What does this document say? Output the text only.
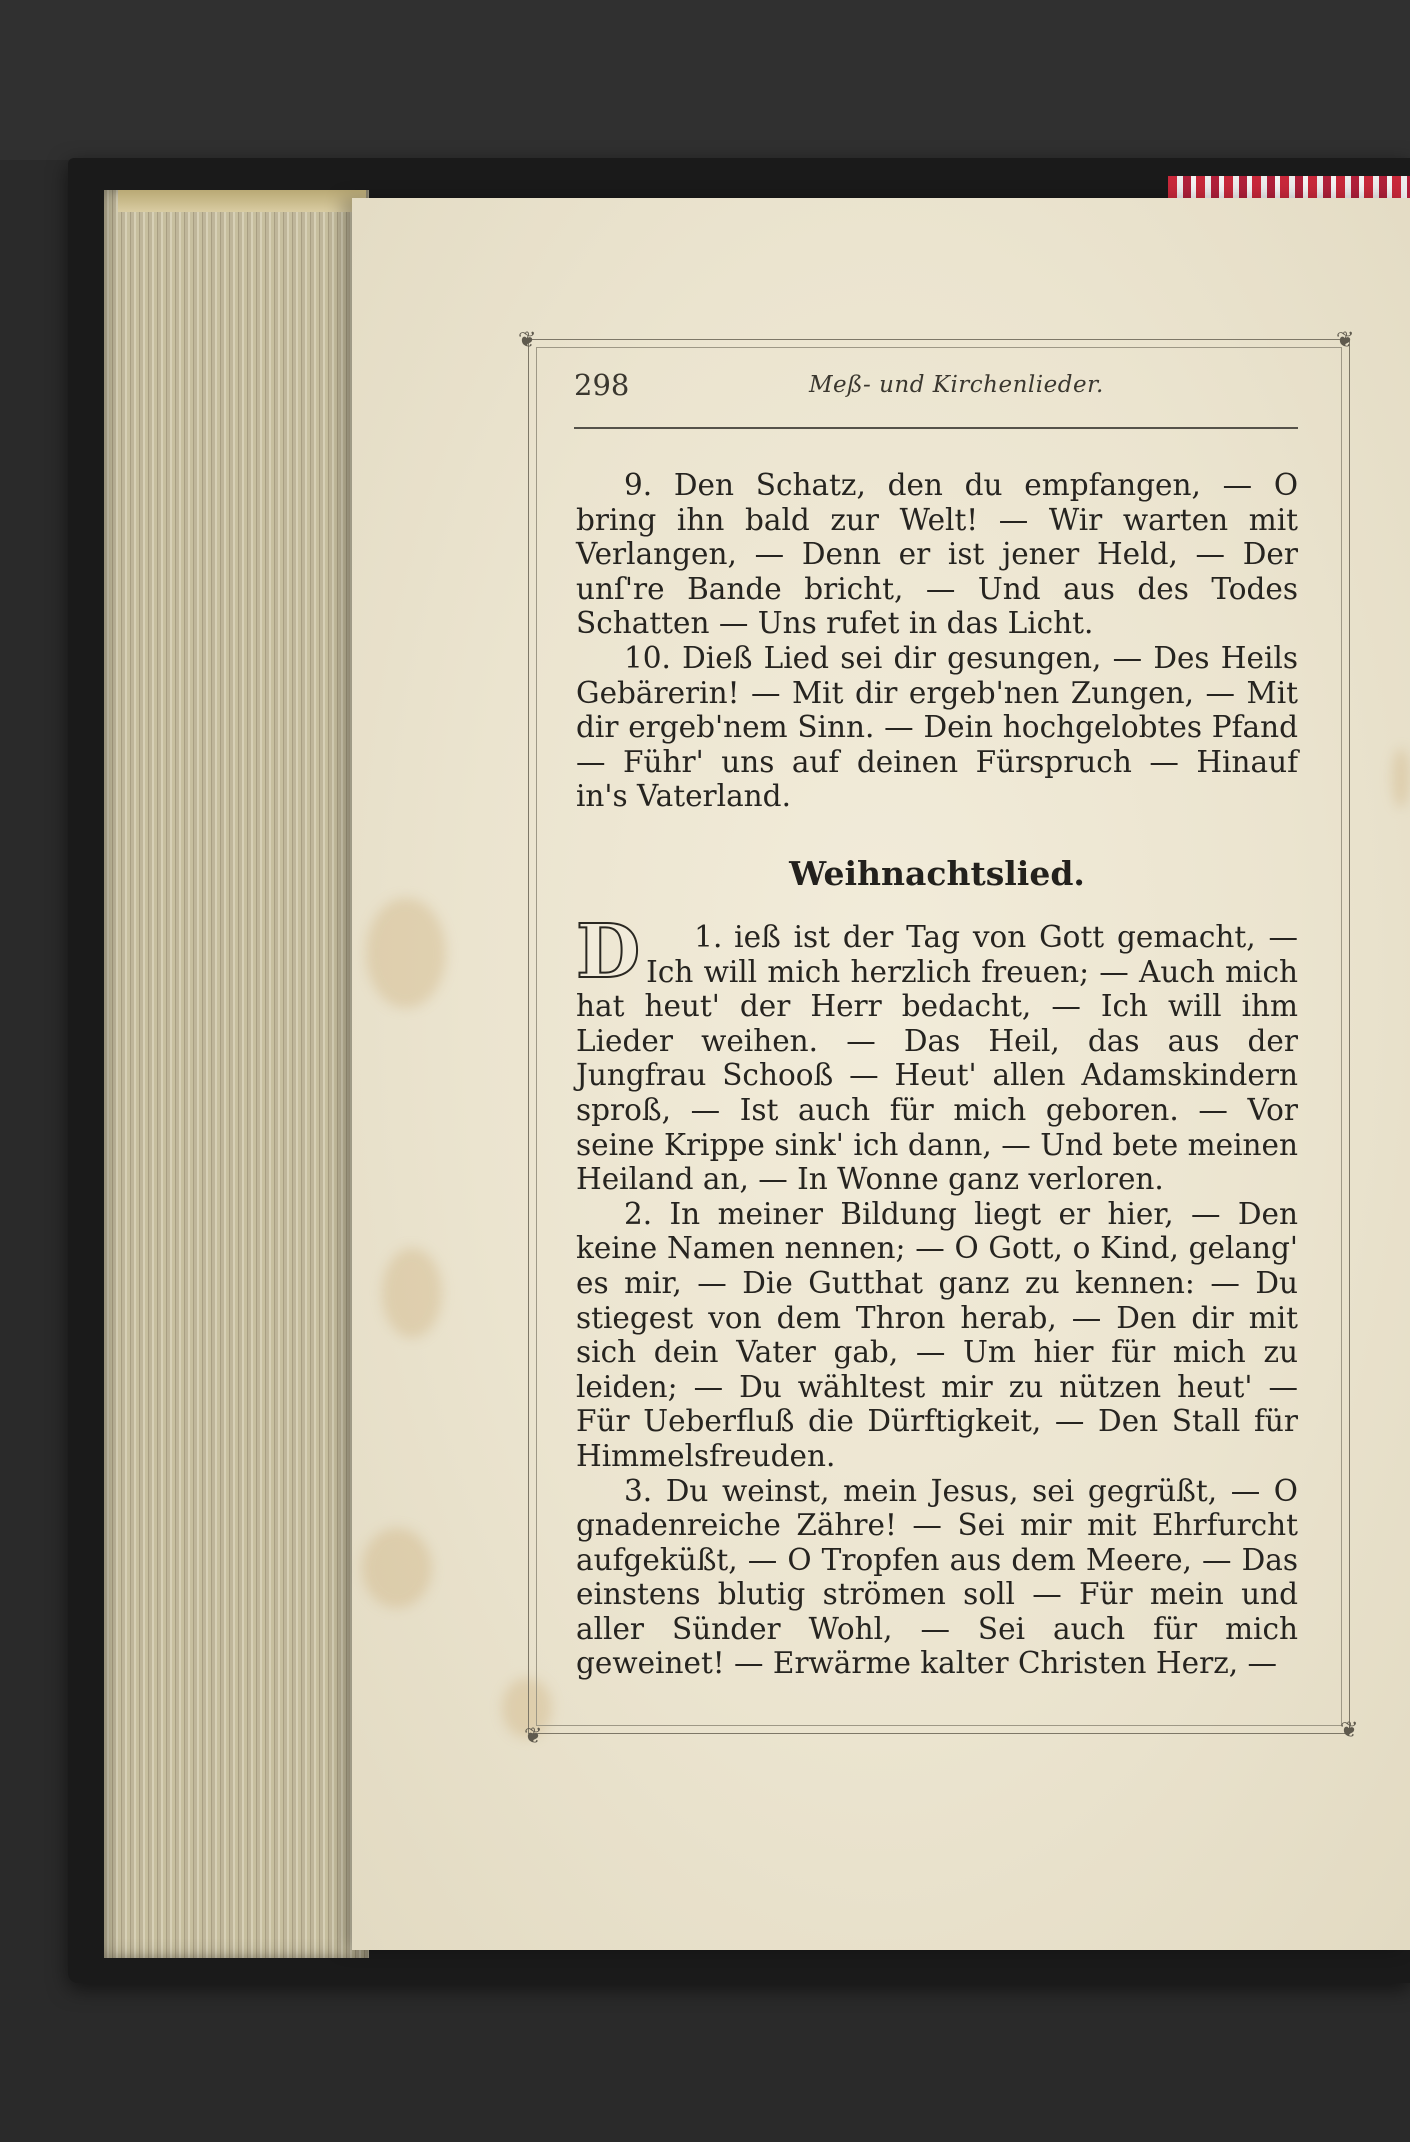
❦	❦
❦	❦
298	Meß- und Kirchenlieder.

9. Den Schatz, den du empfangen, — O bring ihn bald zur Welt! — Wir warten mit Verlangen, — Denn er ist jener Held, — Der unſ're Bande bricht, — Und aus des Todes Schatten — Uns rufet in das Licht.

10. Dieß Lied sei dir gesungen, — Des Heils Gebärerin! — Mit dir ergeb'nen Zungen, — Mit dir ergeb'nem Sinn. — Dein hochgelobtes Pfand — Führ' uns auf deinen Fürspruch — Hinauf in's Vaterland.

Weihnachtslied.

1.
D	ieß ist der Tag von Gott gemacht, — Ich will mich herzlich freuen; — Auch mich hat heut' der Herr bedacht, — Ich will ihm Lieder weihen. — Das Heil, das aus der Jungfrau Schooß — Heut' allen Adamskindern sproß, — Ist auch für mich geboren. — Vor seine Krippe sink' ich dann, — Und bete meinen Heiland an, — In Wonne ganz verloren.

2. In meiner Bildung liegt er hier, — Den keine Namen nennen; — O Gott, o Kind, gelang' es mir, — Die Gutthat ganz zu kennen: — Du stiegest von dem Thron herab, — Den dir mit sich dein Vater gab, — Um hier für mich zu leiden; — Du wähltest mir zu nützen heut' — Für Ueberfluß die Dürftigkeit, — Den Stall für Himmelsfreuden.

3. Du weinst, mein Jesus, sei gegrüßt, — O gnadenreiche Zähre! — Sei mir mit Ehrfurcht aufgeküßt, — O Tropfen aus dem Meere, — Das einstens blutig strömen soll — Für mein und aller Sünder Wohl, — Sei auch für mich geweinet! — Erwärme kalter Christen Herz, —
